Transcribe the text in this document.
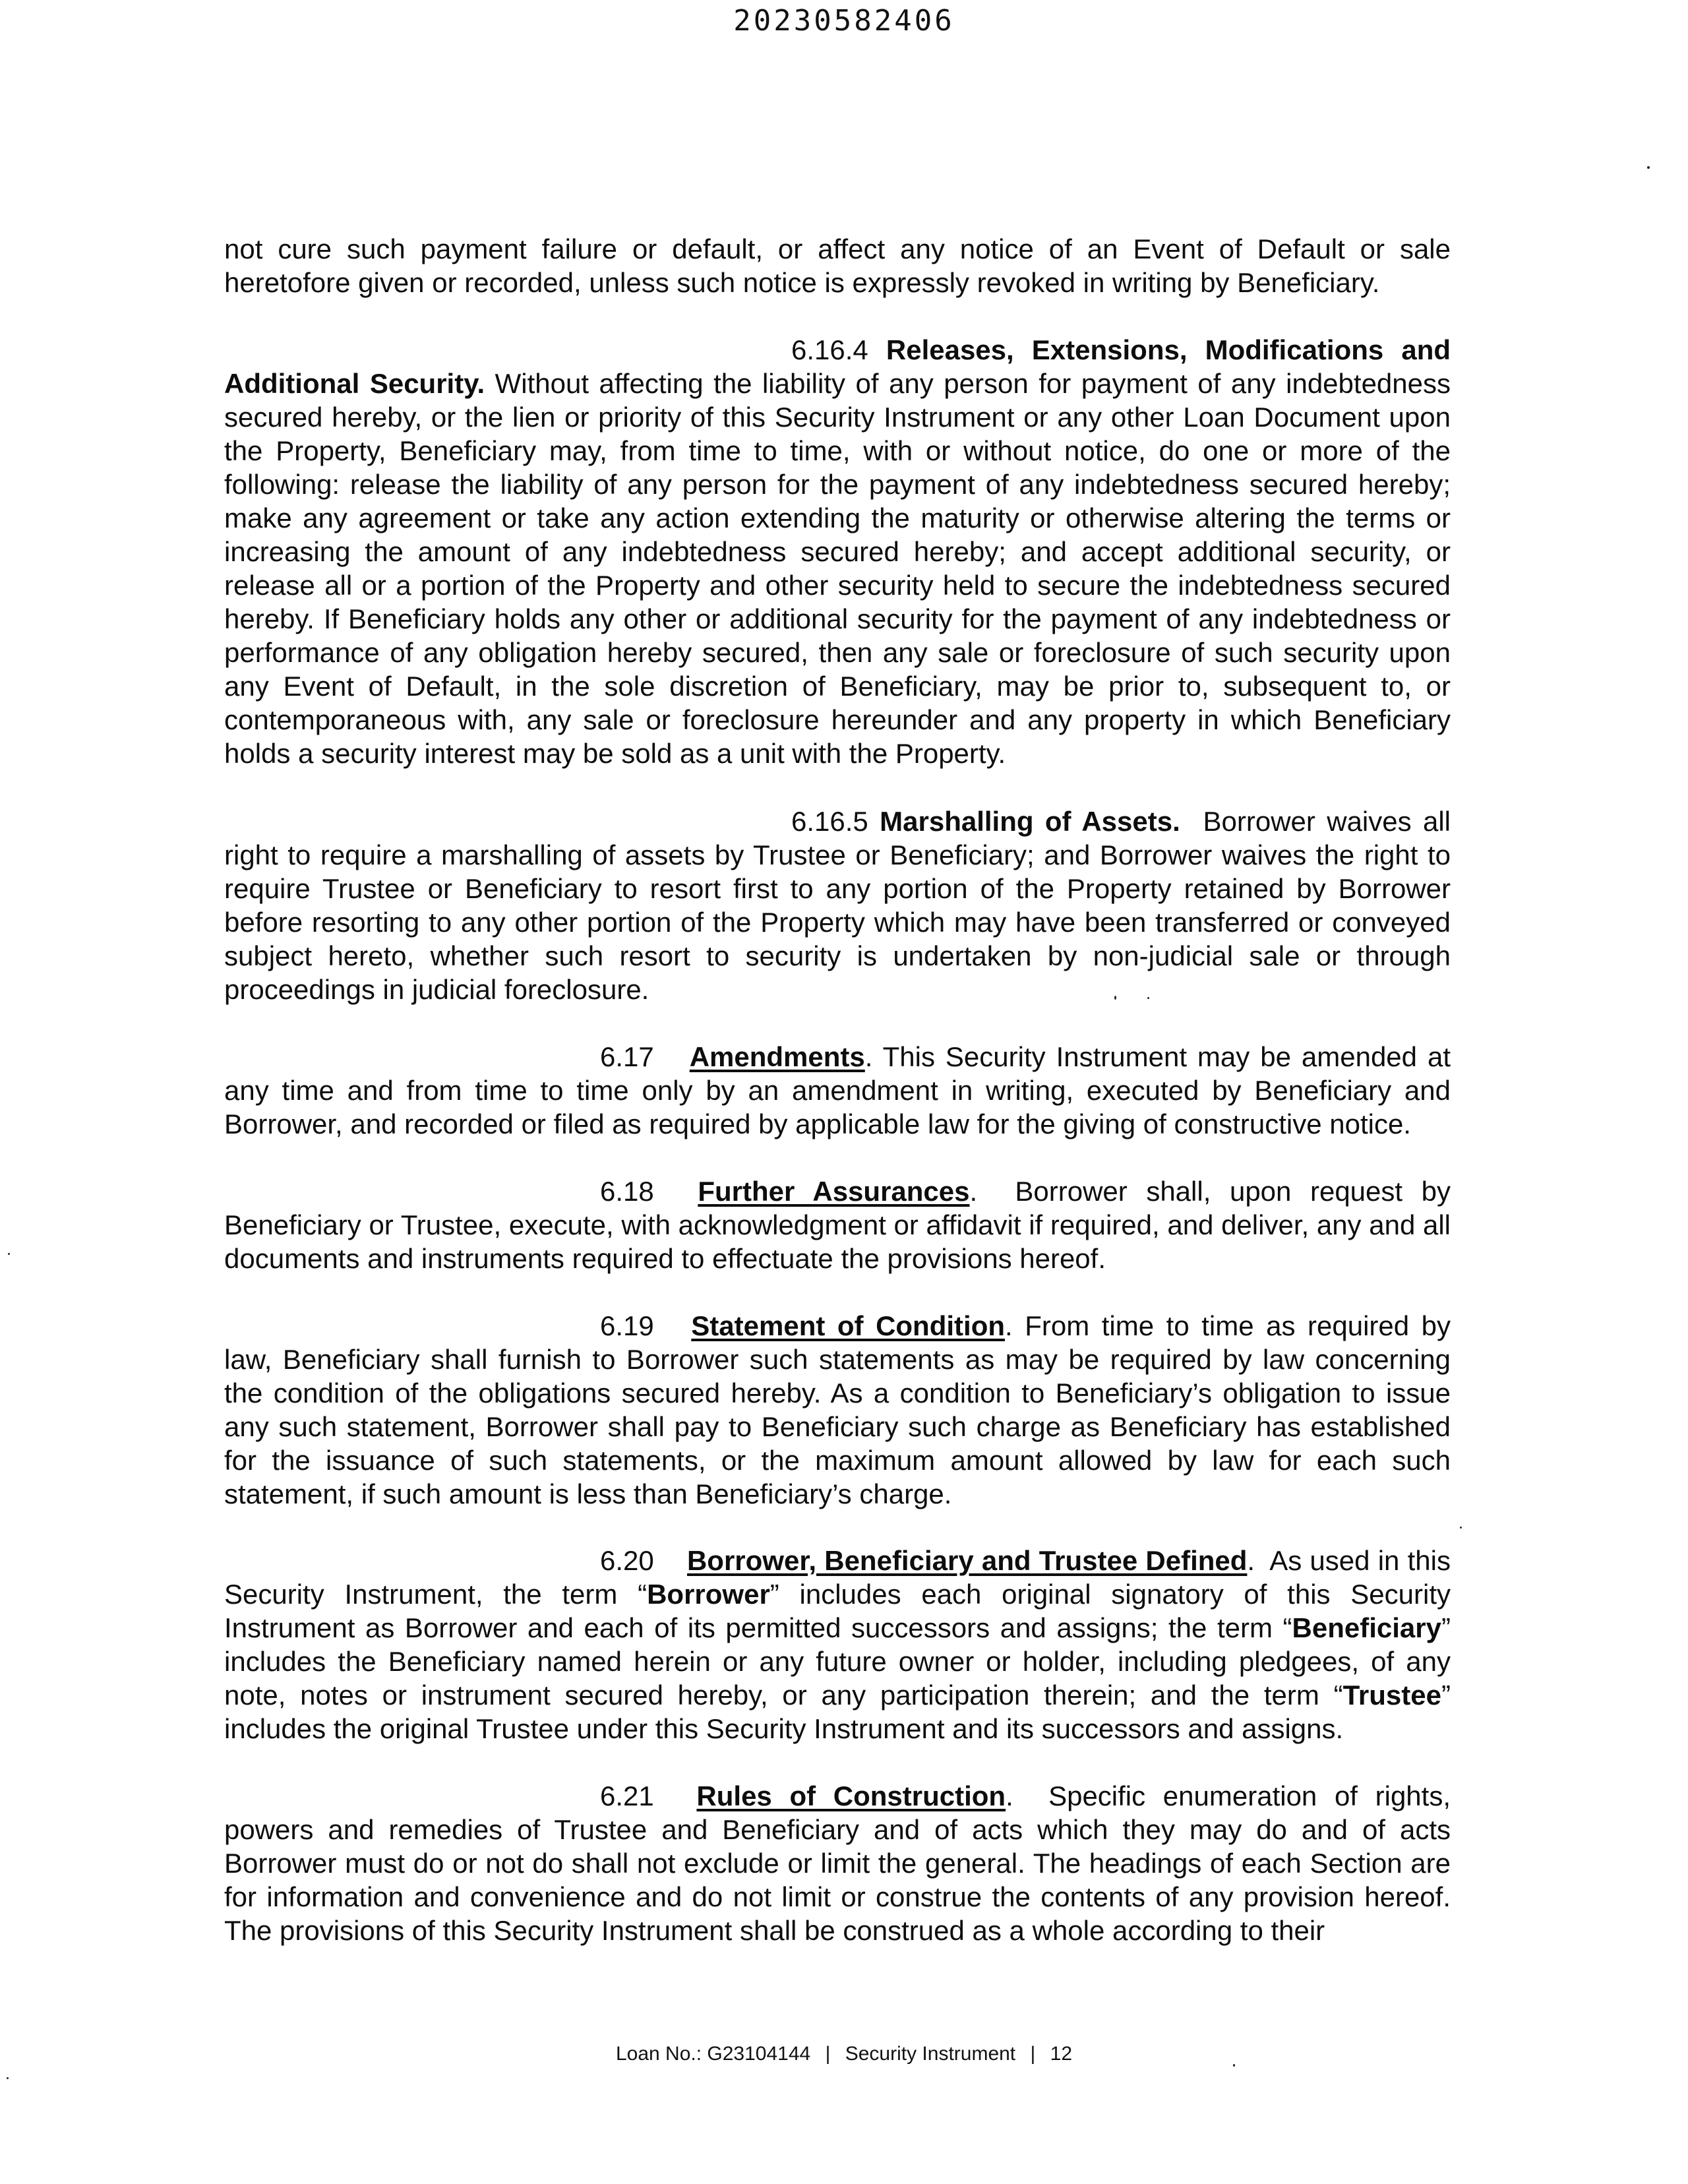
20230582406

not cure such payment failure or default, or affect any notice of an Event of Default or sale heretofore given or recorded, unless such notice is expressly revoked in writing by Beneficiary.

6.16.4 Releases, Extensions, Modifications and Additional Security. Without affecting the liability of any person for payment of any indebtedness secured hereby, or the lien or priority of this Security Instrument or any other Loan Document upon the Property, Beneficiary may, from time to time, with or without notice, do one or more of the following: release the liability of any person for the payment of any indebtedness secured hereby; make any agreement or take any action extending the maturity or otherwise altering the terms or increasing the amount of any indebtedness secured hereby; and accept additional security, or release all or a portion of the Property and other security held to secure the indebtedness secured hereby. If Beneficiary holds any other or additional security for the payment of any indebtedness or performance of any obligation hereby secured, then any sale or foreclosure of such security upon any Event of Default, in the sole discretion of Beneficiary, may be prior to, subsequent to, or contemporaneous with, any sale or foreclosure hereunder and any property in which Beneficiary holds a security interest may be sold as a unit with the Property.

6.16.5 Marshalling of Assets. Borrower waives all right to require a marshalling of assets by Trustee or Beneficiary; and Borrower waives the right to require Trustee or Beneficiary to resort first to any portion of the Property retained by Borrower before resorting to any other portion of the Property which may have been transferred or conveyed subject hereto, whether such resort to security is undertaken by non-judicial sale or through proceedings in judicial foreclosure.

6.17 Amendments. This Security Instrument may be amended at any time and from time to time only by an amendment in writing, executed by Beneficiary and Borrower, and recorded or filed as required by applicable law for the giving of constructive notice.

6.18 Further Assurances.  Borrower shall, upon request by Beneficiary or Trustee, execute, with acknowledgment or affidavit if required, and deliver, any and all documents and instruments required to effectuate the provisions hereof.

6.19 Statement of Condition. From time to time as required by law, Beneficiary shall furnish to Borrower such statements as may be required by law concerning the condition of the obligations secured hereby. As a condition to Beneficiary’s obligation to issue any such statement, Borrower shall pay to Beneficiary such charge as Beneficiary has established for the issuance of such statements, or the maximum amount allowed by law for each such statement, if such amount is less than Beneficiary’s charge.

6.20 Borrower, Beneficiary and Trustee Defined.  As used in this Security Instrument, the term “Borrower” includes each original signatory of this Security Instrument as Borrower and each of its permitted successors and assigns; the term “Beneficiary” includes the Beneficiary named herein or any future owner or holder, including pledgees, of any note, notes or instrument secured hereby, or any participation therein; and the term “Trustee” includes the original Trustee under this Security Instrument and its successors and assigns.

6.21 Rules of Construction.  Specific enumeration of rights, powers and remedies of Trustee and Beneficiary and of acts which they may do and of acts Borrower must do or not do shall not exclude or limit the general. The headings of each Section are for information and convenience and do not limit or construe the contents of any provision hereof. The provisions of this Security Instrument shall be construed as a whole according to their

Loan No.: G23104144 | Security Instrument | 12
